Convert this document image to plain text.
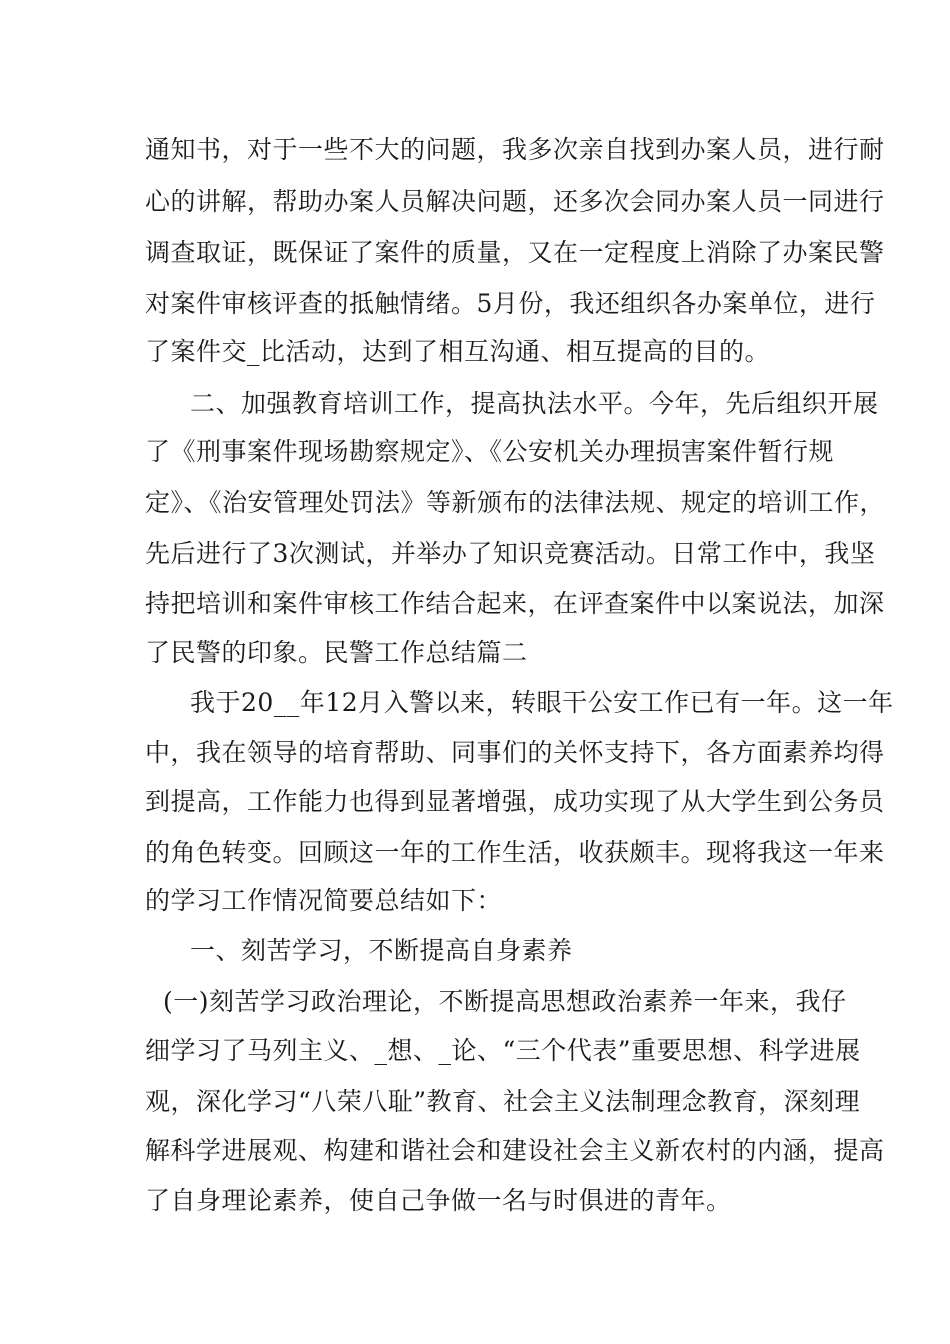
通知书，对于一些不大的问题，我多次亲自找到办案人员，进行耐
心的讲解，帮助办案人员解决问题，还多次会同办案人员一同进行
调查取证，既保证了案件的质量，又在一定程度上消除了办案民警
对案件审核评查的抵触情绪。5月份，我还组织各办案单位，进行
了案件交_比活动，达到了相互沟通、相互提高的目的。
二、加强教育培训工作，提高执法水平。今年，先后组织开展
了《刑事案件现场勘察规定》、《公安机关办理损害案件暂行规
定》、《治安管理处罚法》等新颁布的法律法规、规定的培训工作，
先后进行了3次测试，并举办了知识竞赛活动。日常工作中，我坚
持把培训和案件审核工作结合起来，在评查案件中以案说法，加深
了民警的印象。民警工作总结篇二
我于20__年12月入警以来，转眼干公安工作已有一年。这一年
中，我在领导的培育帮助、同事们的关怀支持下，各方面素养均得
到提高，工作能力也得到显著增强，成功实现了从大学生到公务员
的角色转变。回顾这一年的工作生活，收获颇丰。现将我这一年来
的学习工作情况简要总结如下：
一、刻苦学习，不断提高自身素养
(一)刻苦学习政治理论，不断提高思想政治素养一年来，我仔
细学习了马列主义、_想、_论、“三个代表”重要思想、科学进展
观，深化学习“八荣八耻”教育、社会主义法制理念教育，深刻理
解科学进展观、构建和谐社会和建设社会主义新农村的内涵，提高
了自身理论素养，使自己争做一名与时俱进的青年。
